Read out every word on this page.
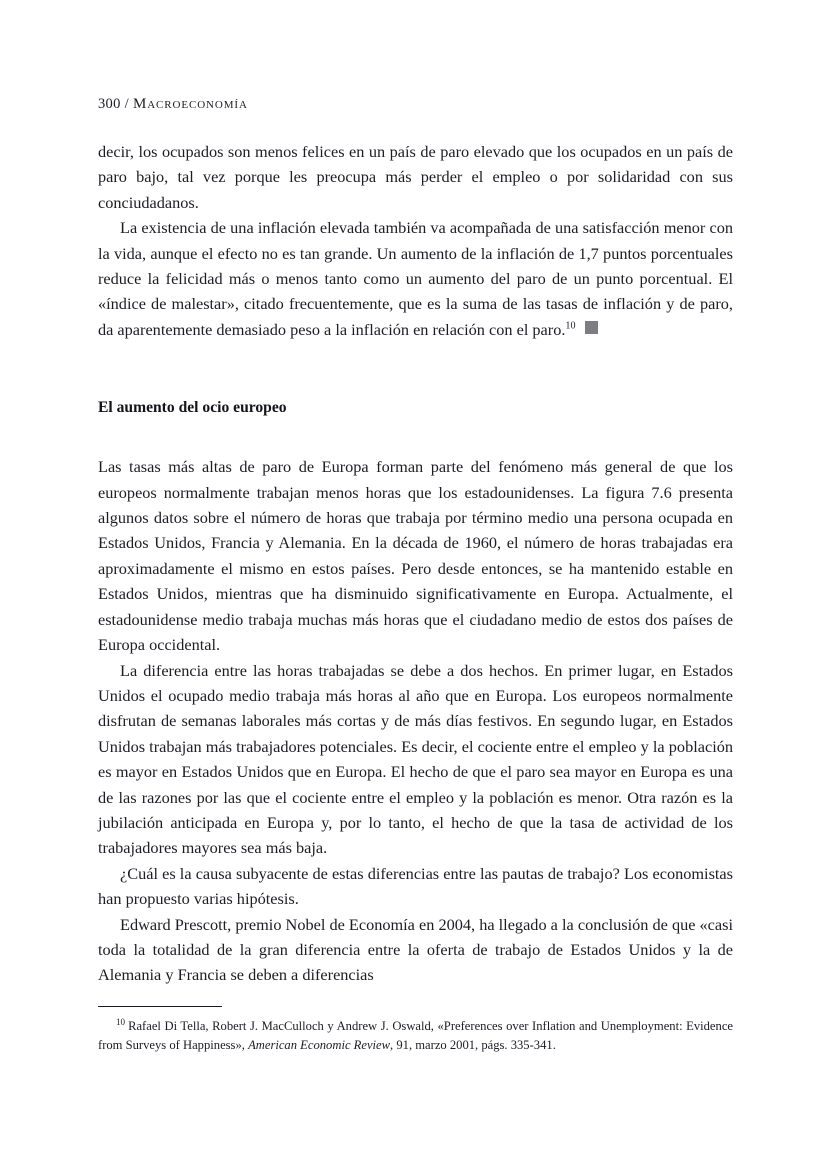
300 / Macroeconomía

decir, los ocupados son menos felices en un país de paro elevado que los ocupados en un país de paro bajo, tal vez porque les preocupa más perder el empleo o por solidaridad con sus conciudadanos.

La existencia de una inflación elevada también va acompañada de una satisfacción menor con la vida, aunque el efecto no es tan grande. Un aumento de la inflación de 1,7 puntos porcentuales reduce la felicidad más o menos tanto como un aumento del paro de un punto porcentual. El «índice de malestar», citado frecuentemente, que es la suma de las tasas de inflación y de paro, da aparentemente demasiado peso a la inflación en relación con el paro.$^{10}$

El aumento del ocio europeo

Las tasas más altas de paro de Europa forman parte del fenómeno más general de que los europeos normalmente trabajan menos horas que los estadounidenses. La figura 7.6 presenta algunos datos sobre el número de horas que trabaja por término medio una persona ocupada en Estados Unidos, Francia y Alemania. En la década de 1960, el número de horas trabajadas era aproximadamente el mismo en estos países. Pero desde entonces, se ha mantenido estable en Estados Unidos, mientras que ha disminuido significativamente en Europa. Actualmente, el estadounidense medio trabaja muchas más horas que el ciudadano medio de estos dos países de Europa occidental.

La diferencia entre las horas trabajadas se debe a dos hechos. En primer lugar, en Estados Unidos el ocupado medio trabaja más horas al año que en Europa. Los europeos normalmente disfrutan de semanas laborales más cortas y de más días festivos. En segundo lugar, en Estados Unidos trabajan más trabajadores potenciales. Es decir, el cociente entre el empleo y la población es mayor en Estados Unidos que en Europa. El hecho de que el paro sea mayor en Europa es una de las razones por las que el cociente entre el empleo y la población es menor. Otra razón es la jubilación anticipada en Europa y, por lo tanto, el hecho de que la tasa de actividad de los trabajadores mayores sea más baja.

¿Cuál es la causa subyacente de estas diferencias entre las pautas de trabajo? Los economistas han propuesto varias hipótesis.

Edward Prescott, premio Nobel de Economía en 2004, ha llegado a la conclusión de que «casi toda la totalidad de la gran diferencia entre la oferta de trabajo de Estados Unidos y la de Alemania y Francia se deben a diferencias

$^{10}$ Rafael Di Tella, Robert J. MacCulloch y Andrew J. Oswald, «Preferences over Inflation and Unemployment: Evidence from Surveys of Happiness», American Economic Review, 91, marzo 2001, págs. 335-341.
